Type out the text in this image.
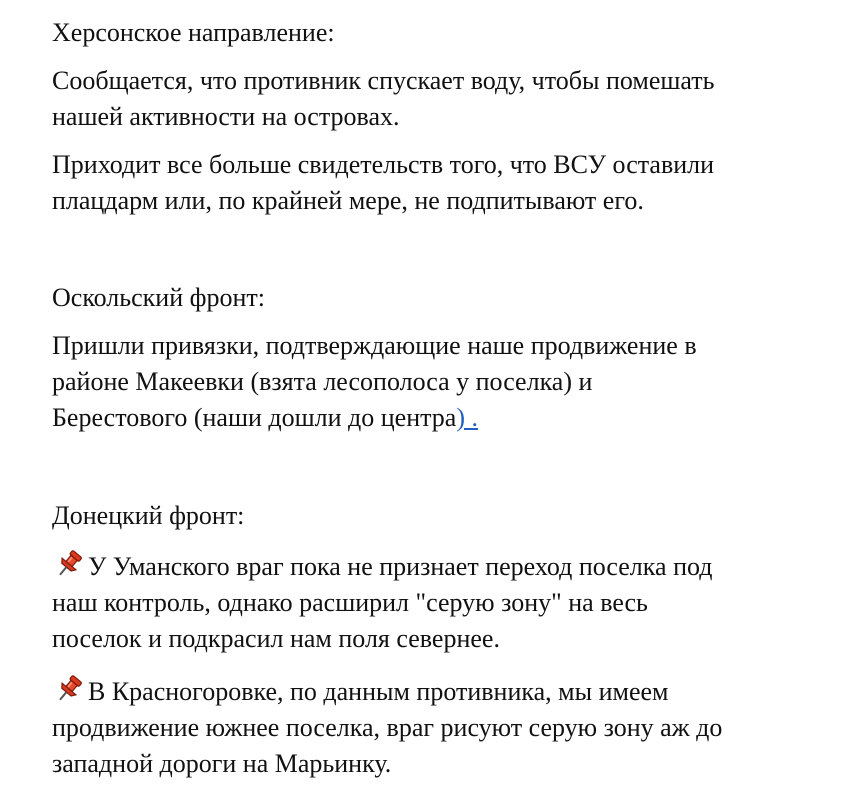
Херсонское направление:
Сообщается, что противник спускает воду, чтобы помешать
нашей активности на островах.
Приходит все больше свидетельств того, что ВСУ оставили
плацдарм или, по крайней мере, не подпитывают его.
Оскольский фронт:
Пришли привязки, подтверждающие наше продвижение в
районе Макеевки (взята лесополоса у поселка) и
Берестового (наши дошли до центра) .
Донецкий фронт:
У Уманского враг пока не признает переход поселка под
наш контроль, однако расширил "серую зону" на весь
поселок и подкрасил нам поля севернее.
В Красногоровке, по данным противника, мы имеем
продвижение южнее поселка, враг рисуют серую зону аж до
западной дороги на Марьинку.
